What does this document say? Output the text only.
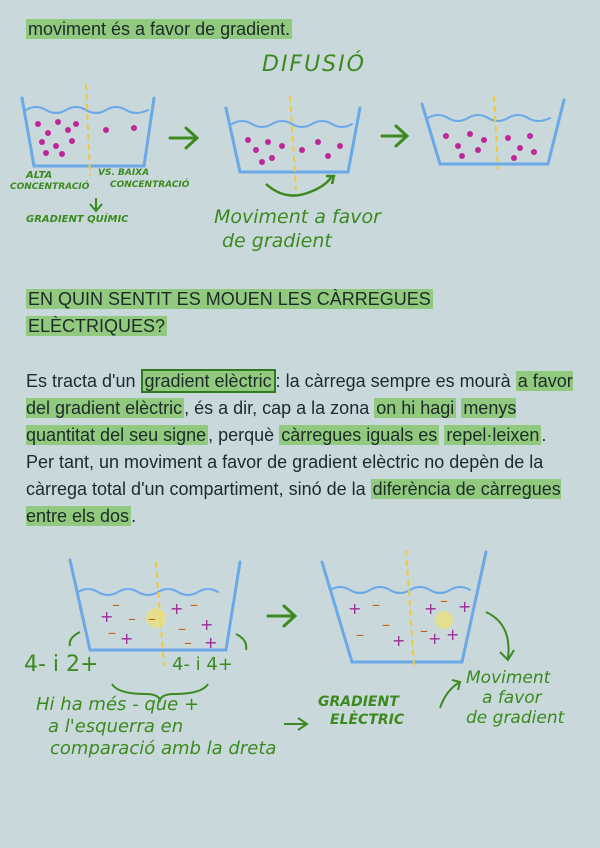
moviment és a favor de gradient.
+
–
–
–
+
–
+ –
– +
+
–
+ –
–
– +
+ – +
– + +
DIFUSIÓ
ALTA
CONCENTRACIÓ
VS. BAIXA
CONCENTRACIÓ
GRADIENT QUÍMIC	Moviment a favor
de gradient
EN QUIN SENTIT ES MOUEN LES CÀRREGUES
ELÈCTRIQUES?
Es tracta d'un gradient elèctric : la càrrega sempre es mourà a favor del gradient elèctric , és a dir, cap a la zona on hi hagi menys quantitat del seu signe , perquè càrregues iguals es repel·leixen . Per tant, un moviment a favor de gradient elèctric no depèn de la càrrega total d'un compartiment, sinó de la diferència de càrregues entre els dos .
4- i 2+	4- i 4+
Hi ha més - que +
a l'esquerra en
comparació amb la dreta
GRADIENT
ELÈCTRIC
Moviment
a favor
de gradient
